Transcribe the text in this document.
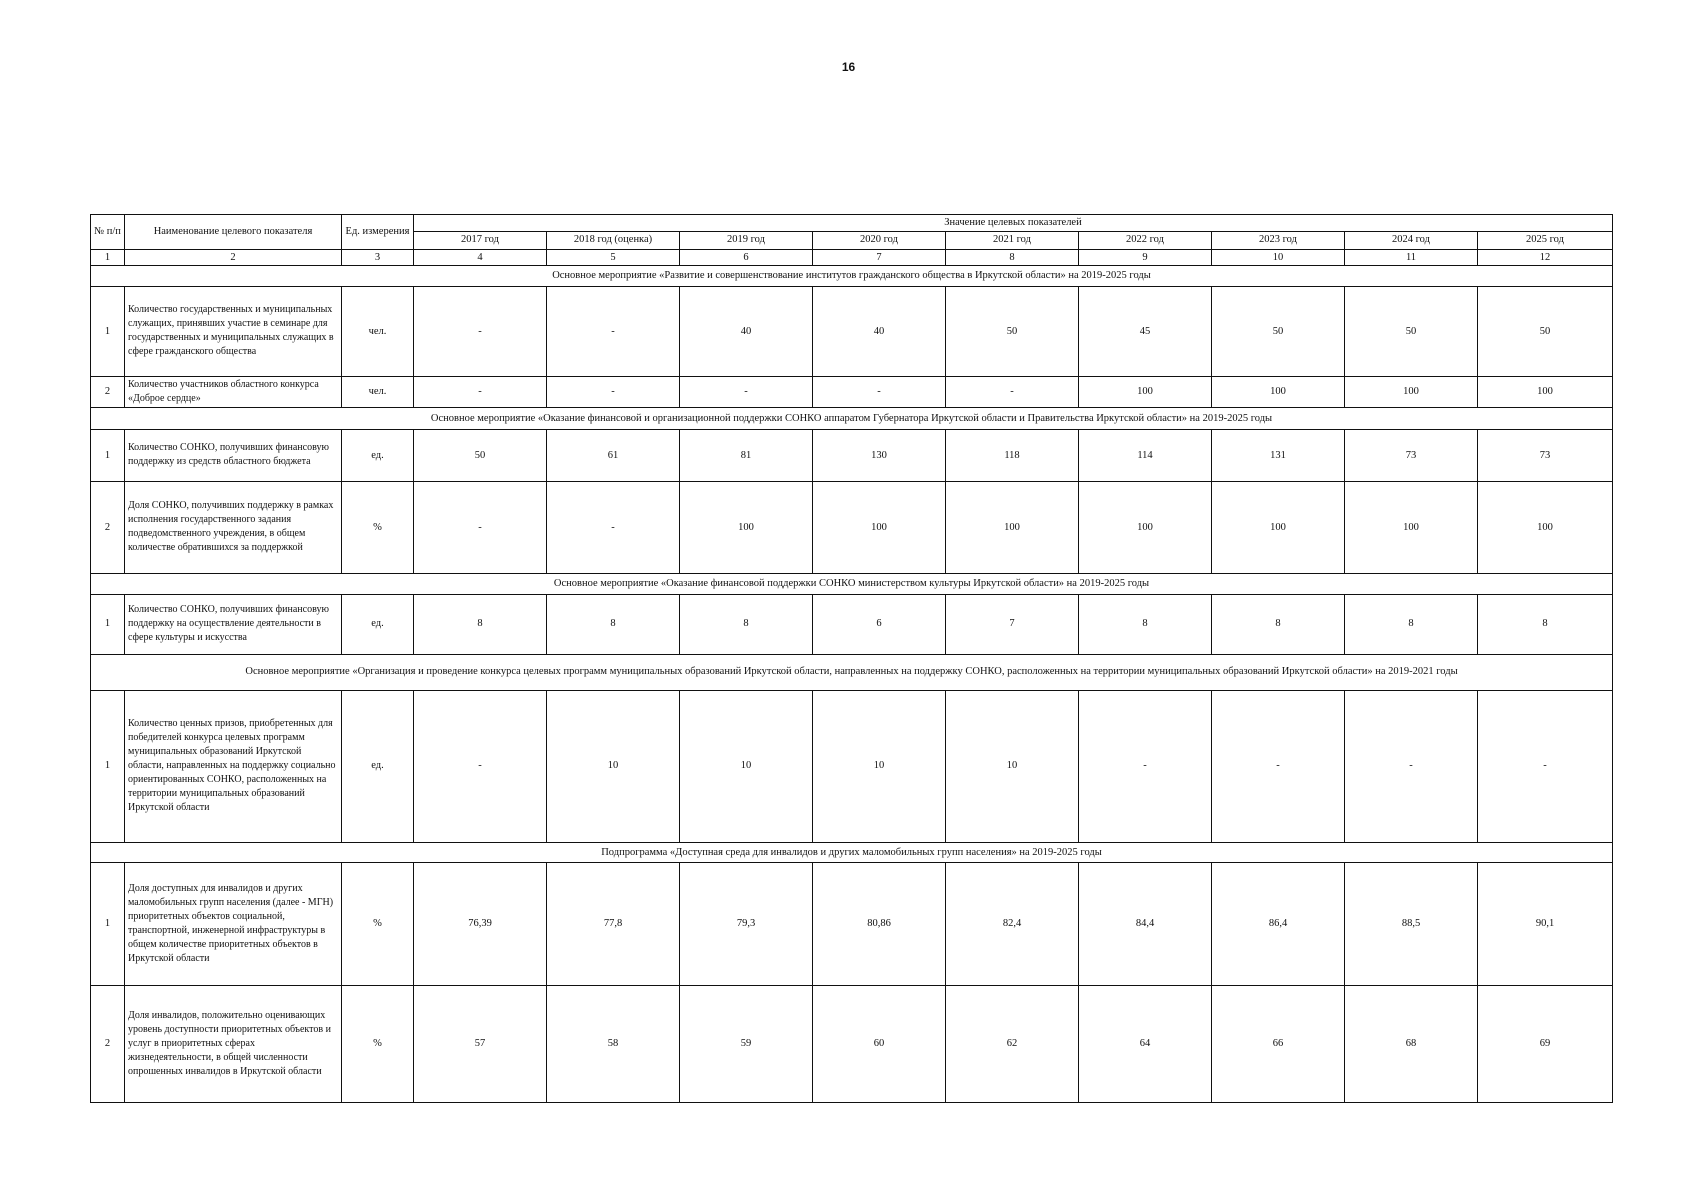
16
№ п/п	Наименование целевого показателя	Ед. измерения	Значение целевых показателей								
			2017 год	2018 год (оценка)	2019 год	2020 год	2021 год	2022 год	2023 год	2024 год	2025 год
1	2	3	4	5	6	7	8	9	10	11	12
Основное мероприятие «Развитие и совершенствование институтов гражданского общества в Иркутской области» на 2019-2025 годы											
1	Количество государственных и муниципальных служащих, принявших участие в семинаре для государственных и муниципальных служащих в сфере гражданского общества	чел.	-	-	40	40	50	45	50	50	50
2	Количество участников областного конкурса «Доброе сердце»	чел.	-	-	-	-	-	100	100	100	100
Основное мероприятие «Оказание финансовой и организационной поддержки СОНКО аппаратом Губернатора Иркутской области и Правительства Иркутской области» на 2019-2025 годы											
1	Количество СОНКО, получивших финансовую поддержку из средств областного бюджета	ед.	50	61	81	130	118	114	131	73	73
2	Доля СОНКО, получивших поддержку в рамках исполнения государственного задания подведомственного учреждения, в общем количестве обратившихся за поддержкой	%	-	-	100	100	100	100	100	100	100
Основное мероприятие «Оказание финансовой поддержки СОНКО министерством культуры Иркутской области» на 2019-2025 годы											
1	Количество СОНКО, получивших финансовую поддержку на осуществление деятельности в сфере культуры и искусства	ед.	8	8	8	6	7	8	8	8	8
Основное мероприятие «Организация и проведение конкурса целевых программ муниципальных образований Иркутской области, направленных на поддержку СОНКО, расположенных на территории муниципальных образований Иркутской области» на 2019-2021 годы											
1	Количество ценных призов, приобретенных для победителей конкурса целевых программ муниципальных образований Иркутской области, направленных на поддержку социально ориентированных СОНКО, расположенных на территории муниципальных образований Иркутской области	ед.	-	10	10	10	10	-	-	-	-
Подпрограмма «Доступная среда для инвалидов и других маломобильных групп населения» на 2019-2025 годы											
1	Доля доступных для инвалидов и других маломобильных групп населения (далее - МГН) приоритетных объектов социальной, транспортной, инженерной инфраструктуры в общем количестве приоритетных объектов в Иркутской области	%	76,39	77,8	79,3	80,86	82,4	84,4	86,4	88,5	90,1
2	Доля инвалидов, положительно оценивающих уровень доступности приоритетных объектов и услуг в приоритетных сферах жизнедеятельности, в общей численности опрошенных инвалидов в Иркутской области	%	57	58	59	60	62	64	66	68	69
